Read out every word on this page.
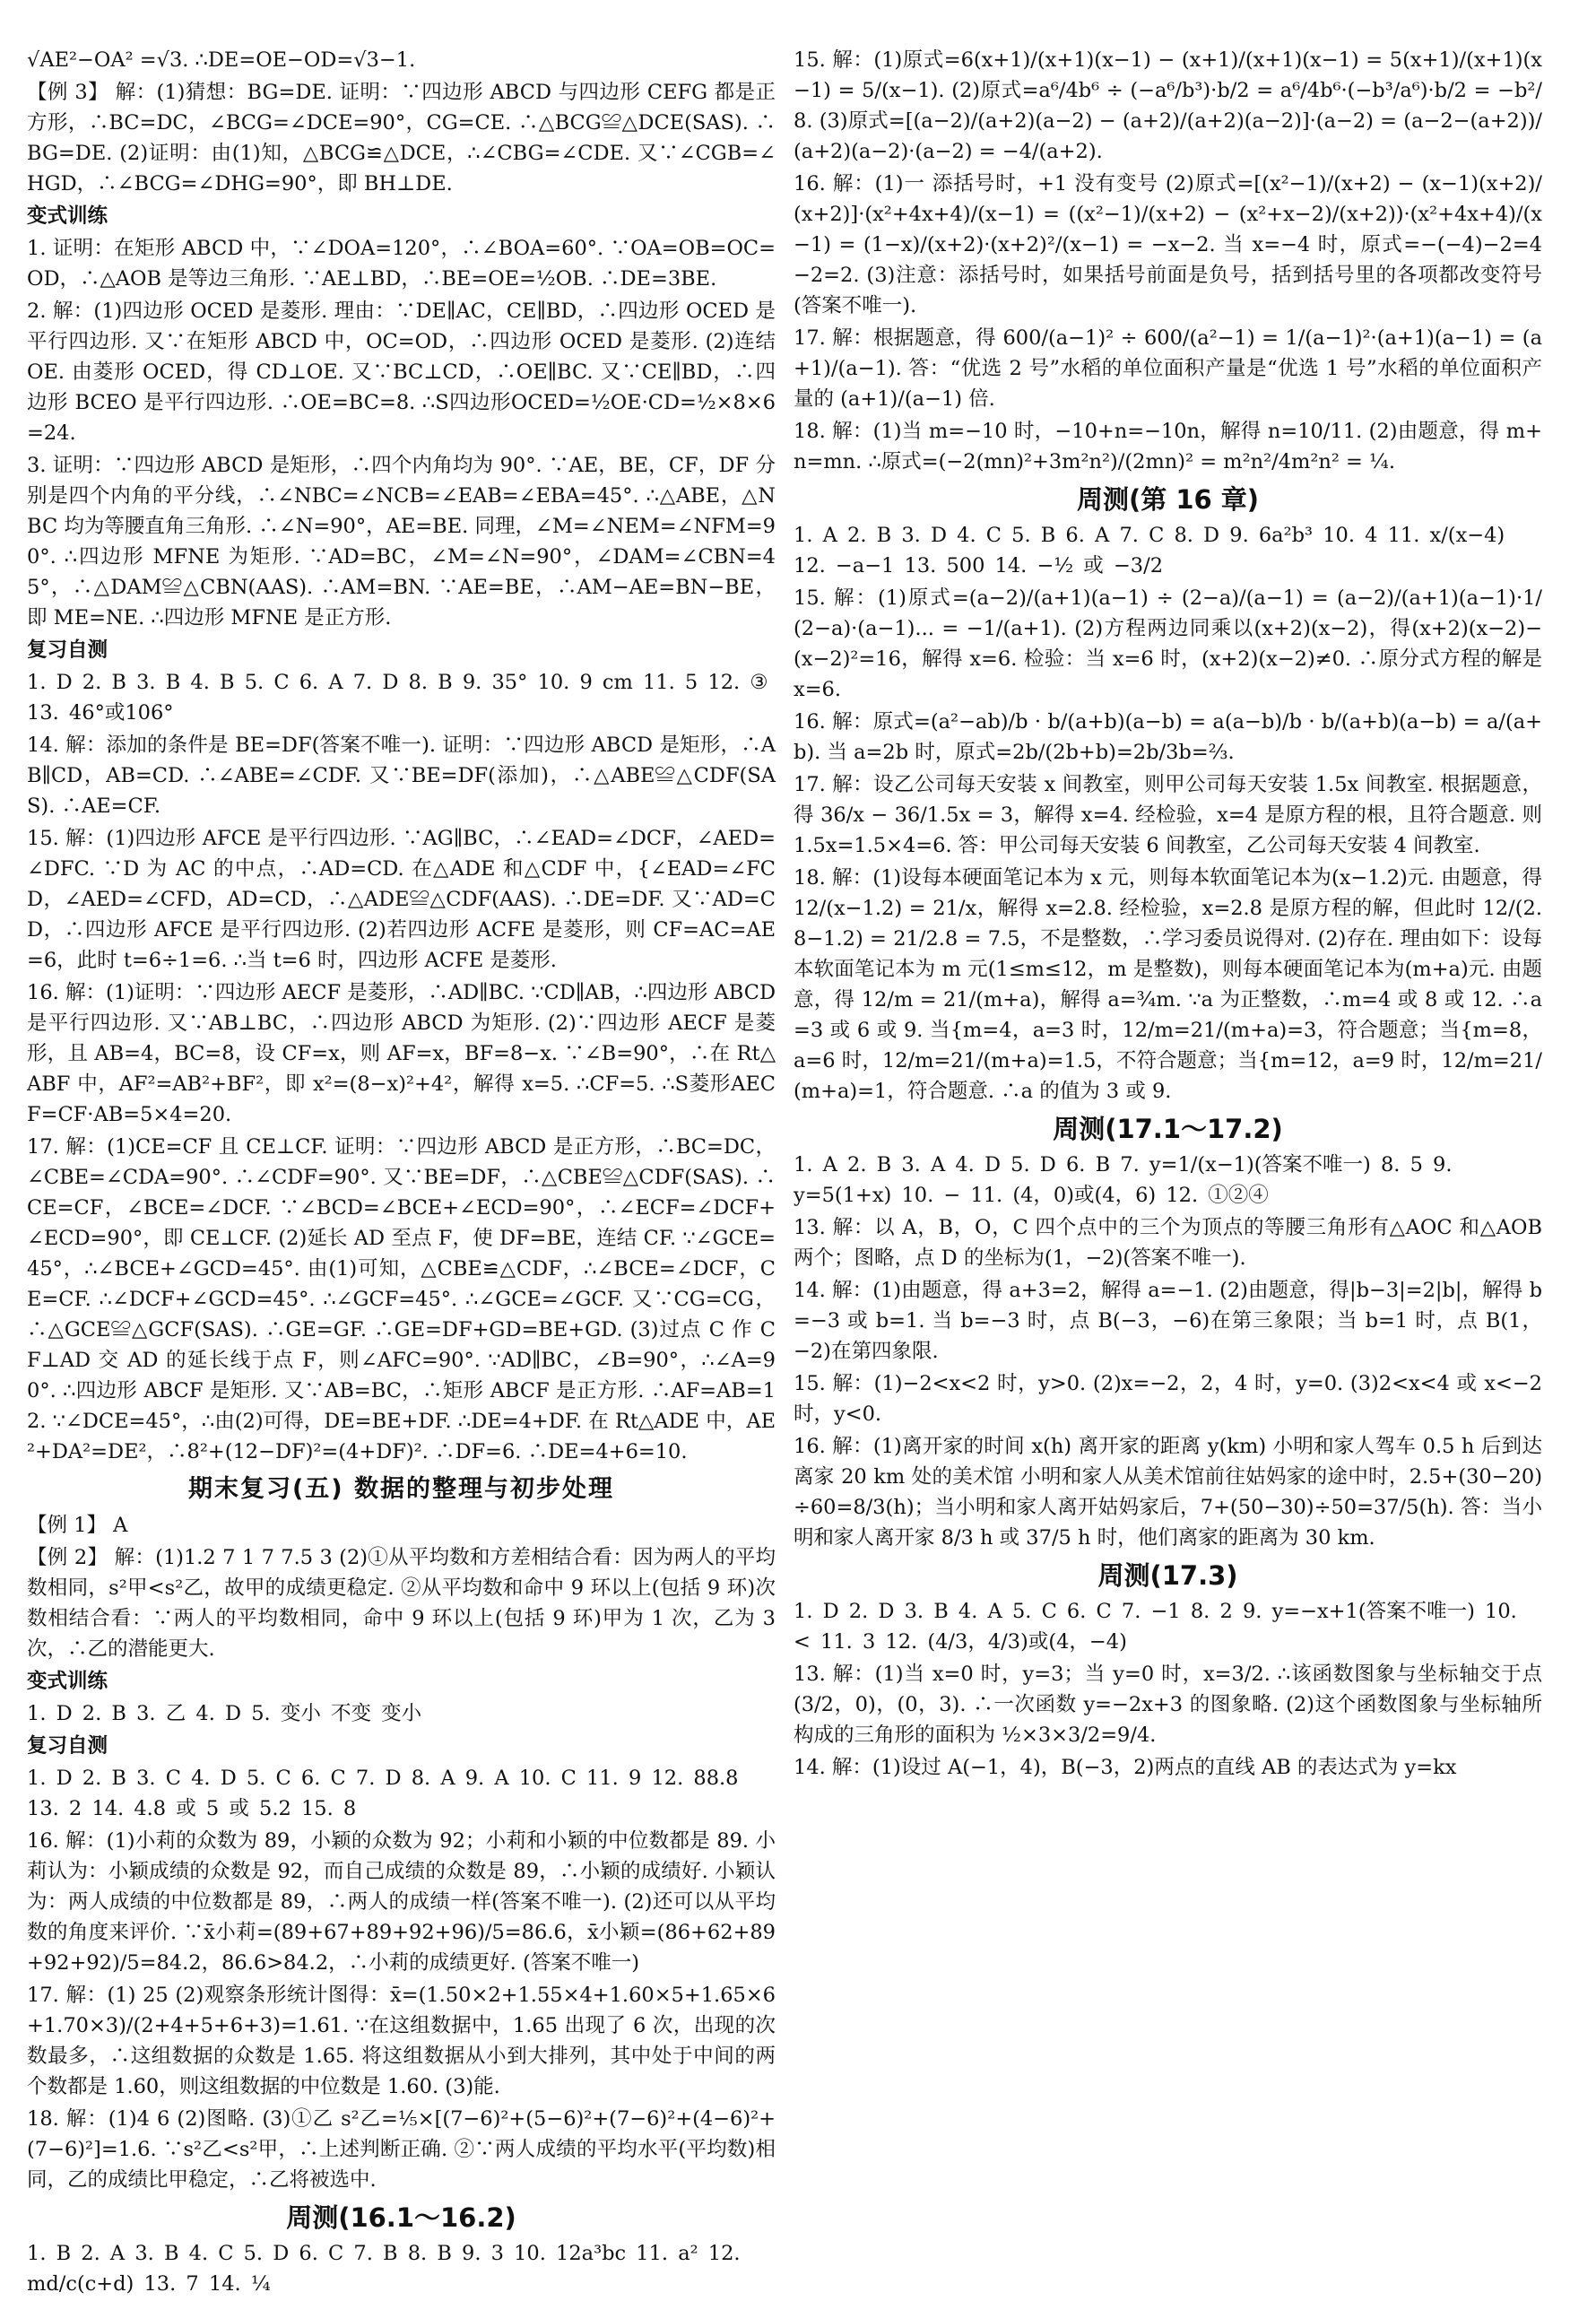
√AE²−OA² =√3. ∴DE=OE−OD=√3−1.
【例 3】 解：(1)猜想：BG=DE. 证明：∵四边形 ABCD 与四边形 CEFG 都是正方形，∴BC=DC，∠BCG=∠DCE=90°，CG=CE. ∴△BCG≌△DCE(SAS). ∴BG=DE. (2)证明：由(1)知，△BCG≌△DCE，∴∠CBG=∠CDE. 又∵∠CGB=∠HGD，∴∠BCG=∠DHG=90°，即 BH⊥DE.
变式训练
1. 证明：在矩形 ABCD 中，∵∠DOA=120°，∴∠BOA=60°. ∵OA=OB=OC=OD，∴△AOB 是等边三角形. ∵AE⊥BD，∴BE=OE=½OB. ∴DE=3BE.
2. 解：(1)四边形 OCED 是菱形. 理由：∵DE∥AC，CE∥BD，∴四边形 OCED 是平行四边形. 又∵在矩形 ABCD 中，OC=OD，∴四边形 OCED 是菱形. (2)连结 OE. 由菱形 OCED，得 CD⊥OE. 又∵BC⊥CD，∴OE∥BC. 又∵CE∥BD，∴四边形 BCEO 是平行四边形. ∴OE=BC=8. ∴S四边形OCED=½OE·CD=½×8×6=24.
3. 证明：∵四边形 ABCD 是矩形，∴四个内角均为 90°. ∵AE，BE，CF，DF 分别是四个内角的平分线，∴∠NBC=∠NCB=∠EAB=∠EBA=45°. ∴△ABE，△NBC 均为等腰直角三角形. ∴∠N=90°，AE=BE. 同理，∠M=∠NEM=∠NFM=90°. ∴四边形 MFNE 为矩形. ∵AD=BC，∠M=∠N=90°，∠DAM=∠CBN=45°，∴△DAM≌△CBN(AAS). ∴AM=BN. ∵AE=BE，∴AM−AE=BN−BE，即 ME=NE. ∴四边形 MFNE 是正方形.
复习自测
1. D 2. B 3. B 4. B 5. C 6. A 7. D 8. B 9. 35° 10. 9 cm 11. 5 12. ③ 13. 46°或106°
14. 解：添加的条件是 BE=DF(答案不唯一). 证明：∵四边形 ABCD 是矩形，∴AB∥CD，AB=CD. ∴∠ABE=∠CDF. 又∵BE=DF(添加)，∴△ABE≌△CDF(SAS). ∴AE=CF.
15. 解：(1)四边形 AFCE 是平行四边形. ∵AG∥BC，∴∠EAD=∠DCF，∠AED=∠DFC. ∵D 为 AC 的中点，∴AD=CD. 在△ADE 和△CDF 中，{∠EAD=∠FCD，∠AED=∠CFD，AD=CD，∴△ADE≌△CDF(AAS). ∴DE=DF. 又∵AD=CD，∴四边形 AFCE 是平行四边形. (2)若四边形 ACFE 是菱形，则 CF=AC=AE=6，此时 t=6÷1=6. ∴当 t=6 时，四边形 ACFE 是菱形.
16. 解：(1)证明：∵四边形 AECF 是菱形，∴AD∥BC. ∵CD∥AB，∴四边形 ABCD 是平行四边形. 又∵AB⊥BC，∴四边形 ABCD 为矩形. (2)∵四边形 AECF 是菱形，且 AB=4，BC=8，设 CF=x，则 AF=x，BF=8−x. ∵∠B=90°，∴在 Rt△ABF 中，AF²=AB²+BF²，即 x²=(8−x)²+4²，解得 x=5. ∴CF=5. ∴S菱形AECF=CF·AB=5×4=20.
17. 解：(1)CE=CF 且 CE⊥CF. 证明：∵四边形 ABCD 是正方形，∴BC=DC，∠CBE=∠CDA=90°. ∴∠CDF=90°. 又∵BE=DF，∴△CBE≌△CDF(SAS). ∴CE=CF，∠BCE=∠DCF. ∵∠BCD=∠BCE+∠ECD=90°，∴∠ECF=∠DCF+∠ECD=90°，即 CE⊥CF. (2)延长 AD 至点 F，使 DF=BE，连结 CF. ∵∠GCE=45°，∴∠BCE+∠GCD=45°. 由(1)可知，△CBE≌△CDF，∴∠BCE=∠DCF，CE=CF. ∴∠DCF+∠GCD=45°. ∴∠GCF=45°. ∴∠GCE=∠GCF. 又∵CG=CG，∴△GCE≌△GCF(SAS). ∴GE=GF. ∴GE=DF+GD=BE+GD. (3)过点 C 作 CF⊥AD 交 AD 的延长线于点 F，则∠AFC=90°. ∵AD∥BC，∠B=90°，∴∠A=90°. ∴四边形 ABCF 是矩形. 又∵AB=BC，∴矩形 ABCF 是正方形. ∴AF=AB=12. ∵∠DCE=45°，∴由(2)可得，DE=BE+DF. ∴DE=4+DF. 在 Rt△ADE 中，AE²+DA²=DE²，∴8²+(12−DF)²=(4+DF)². ∴DF=6. ∴DE=4+6=10.
期末复习(五) 数据的整理与初步处理
【例 1】 A
【例 2】 解：(1)1.2 7 1 7 7.5 3 (2)①从平均数和方差相结合看：因为两人的平均数相同，s²甲<s²乙，故甲的成绩更稳定. ②从平均数和命中 9 环以上(包括 9 环)次数相结合看：∵两人的平均数相同，命中 9 环以上(包括 9 环)甲为 1 次，乙为 3 次，∴乙的潜能更大.
变式训练
1. D 2. B 3. 乙 4. D 5. 变小 不变 变小
复习自测
1. D 2. B 3. C 4. D 5. C 6. C 7. D 8. A 9. A 10. C 11. 9 12. 88.8 13. 2 14. 4.8 或 5 或 5.2 15. 8
16. 解：(1)小莉的众数为 89，小颖的众数为 92；小莉和小颖的中位数都是 89. 小莉认为：小颖成绩的众数是 92，而自己成绩的众数是 89，∴小颖的成绩好. 小颖认为：两人成绩的中位数都是 89，∴两人的成绩一样(答案不唯一). (2)还可以从平均数的角度来评价. ∵x̄小莉=(89+67+89+92+96)/5=86.6，x̄小颖=(86+62+89+92+92)/5=84.2，86.6>84.2，∴小莉的成绩更好. (答案不唯一)
17. 解：(1) 25 (2)观察条形统计图得：x̄=(1.50×2+1.55×4+1.60×5+1.65×6+1.70×3)/(2+4+5+6+3)=1.61. ∵在这组数据中，1.65 出现了 6 次，出现的次数最多，∴这组数据的众数是 1.65. 将这组数据从小到大排列，其中处于中间的两个数都是 1.60，则这组数据的中位数是 1.60. (3)能.
18. 解：(1)4 6 (2)图略. (3)①乙 s²乙=⅕×[(7−6)²+(5−6)²+(7−6)²+(4−6)²+(7−6)²]=1.6. ∵s²乙<s²甲，∴上述判断正确. ②∵两人成绩的平均水平(平均数)相同，乙的成绩比甲稳定，∴乙将被选中.
周测(16.1～16.2)
1. B 2. A 3. B 4. C 5. D 6. C 7. B 8. B 9. 3 10. 12a³bc 11. a² 12. md/c(c+d) 13. 7 14. ¼
15. 解：(1)原式=6(x+1)/(x+1)(x−1) − (x+1)/(x+1)(x−1) = 5(x+1)/(x+1)(x−1) = 5/(x−1). (2)原式=a⁶/4b⁶ ÷ (−a⁶/b³)·b/2 = a⁶/4b⁶·(−b³/a⁶)·b/2 = −b²/8. (3)原式=[(a−2)/(a+2)(a−2) − (a+2)/(a+2)(a−2)]·(a−2) = (a−2−(a+2))/(a+2)(a−2)·(a−2) = −4/(a+2).
16. 解：(1)一 添括号时，+1 没有变号 (2)原式=[(x²−1)/(x+2) − (x−1)(x+2)/(x+2)]·(x²+4x+4)/(x−1) = ((x²−1)/(x+2) − (x²+x−2)/(x+2))·(x²+4x+4)/(x−1) = (1−x)/(x+2)·(x+2)²/(x−1) = −x−2. 当 x=−4 时，原式=−(−4)−2=4−2=2. (3)注意：添括号时，如果括号前面是负号，括到括号里的各项都改变符号(答案不唯一).
17. 解：根据题意，得 600/(a−1)² ÷ 600/(a²−1) = 1/(a−1)²·(a+1)(a−1) = (a+1)/(a−1). 答：“优选 2 号”水稻的单位面积产量是“优选 1 号”水稻的单位面积产量的 (a+1)/(a−1) 倍.
18. 解：(1)当 m=−10 时，−10+n=−10n，解得 n=10/11. (2)由题意，得 m+n=mn. ∴原式=(−2(mn)²+3m²n²)/(2mn)² = m²n²/4m²n² = ¼.
周测(第 16 章)
1. A 2. B 3. D 4. C 5. B 6. A 7. C 8. D 9. 6a²b³ 10. 4 11. x/(x−4) 12. −a−1 13. 500 14. −½ 或 −3/2
15. 解：(1)原式=(a−2)/(a+1)(a−1) ÷ (2−a)/(a−1) = (a−2)/(a+1)(a−1)·1/(2−a)·(a−1)... = −1/(a+1). (2)方程两边同乘以(x+2)(x−2)，得(x+2)(x−2)−(x−2)²=16，解得 x=6. 检验：当 x=6 时，(x+2)(x−2)≠0. ∴原分式方程的解是 x=6.
16. 解：原式=(a²−ab)/b · b/(a+b)(a−b) = a(a−b)/b · b/(a+b)(a−b) = a/(a+b). 当 a=2b 时，原式=2b/(2b+b)=2b/3b=⅔.
17. 解：设乙公司每天安装 x 间教室，则甲公司每天安装 1.5x 间教室. 根据题意，得 36/x − 36/1.5x = 3，解得 x=4. 经检验，x=4 是原方程的根，且符合题意. 则 1.5x=1.5×4=6. 答：甲公司每天安装 6 间教室，乙公司每天安装 4 间教室.
18. 解：(1)设每本硬面笔记本为 x 元，则每本软面笔记本为(x−1.2)元. 由题意，得 12/(x−1.2) = 21/x，解得 x=2.8. 经检验，x=2.8 是原方程的解，但此时 12/(2.8−1.2) = 21/2.8 = 7.5，不是整数，∴学习委员说得对. (2)存在. 理由如下：设每本软面笔记本为 m 元(1≤m≤12，m 是整数)，则每本硬面笔记本为(m+a)元. 由题意，得 12/m = 21/(m+a)，解得 a=¾m. ∵a 为正整数，∴m=4 或 8 或 12. ∴a=3 或 6 或 9. 当{m=4，a=3 时，12/m=21/(m+a)=3，符合题意；当{m=8，a=6 时，12/m=21/(m+a)=1.5，不符合题意；当{m=12，a=9 时，12/m=21/(m+a)=1，符合题意. ∴a 的值为 3 或 9.
周测(17.1～17.2)
1. A 2. B 3. A 4. D 5. D 6. B 7. y=1/(x−1)(答案不唯一) 8. 5 9. y=5(1+x) 10. − 11. (4，0)或(4，6) 12. ①②④
13. 解：以 A，B，O，C 四个点中的三个为顶点的等腰三角形有△AOC 和△AOB 两个；图略，点 D 的坐标为(1，−2)(答案不唯一).
14. 解：(1)由题意，得 a+3=2，解得 a=−1. (2)由题意，得|b−3|=2|b|，解得 b=−3 或 b=1. 当 b=−3 时，点 B(−3，−6)在第三象限；当 b=1 时，点 B(1，−2)在第四象限.
15. 解：(1)−2<x<2 时，y>0. (2)x=−2，2，4 时，y=0. (3)2<x<4 或 x<−2 时，y<0.
16. 解：(1)离开家的时间 x(h) 离开家的距离 y(km) 小明和家人驾车 0.5 h 后到达离家 20 km 处的美术馆 小明和家人从美术馆前往姑妈家的途中时，2.5+(30−20)÷60=8/3(h)；当小明和家人离开姑妈家后，7+(50−30)÷50=37/5(h). 答：当小明和家人离开家 8/3 h 或 37/5 h 时，他们离家的距离为 30 km.
周测(17.3)
1. D 2. D 3. B 4. A 5. C 6. C 7. −1 8. 2 9. y=−x+1(答案不唯一) 10. < 11. 3 12. (4/3，4/3)或(4，−4)
13. 解：(1)当 x=0 时，y=3；当 y=0 时，x=3/2. ∴该函数图象与坐标轴交于点(3/2，0)，(0，3). ∴一次函数 y=−2x+3 的图象略. (2)这个函数图象与坐标轴所构成的三角形的面积为 ½×3×3/2=9/4.
14. 解：(1)设过 A(−1，4)，B(−3，2)两点的直线 AB 的表达式为 y=kx
